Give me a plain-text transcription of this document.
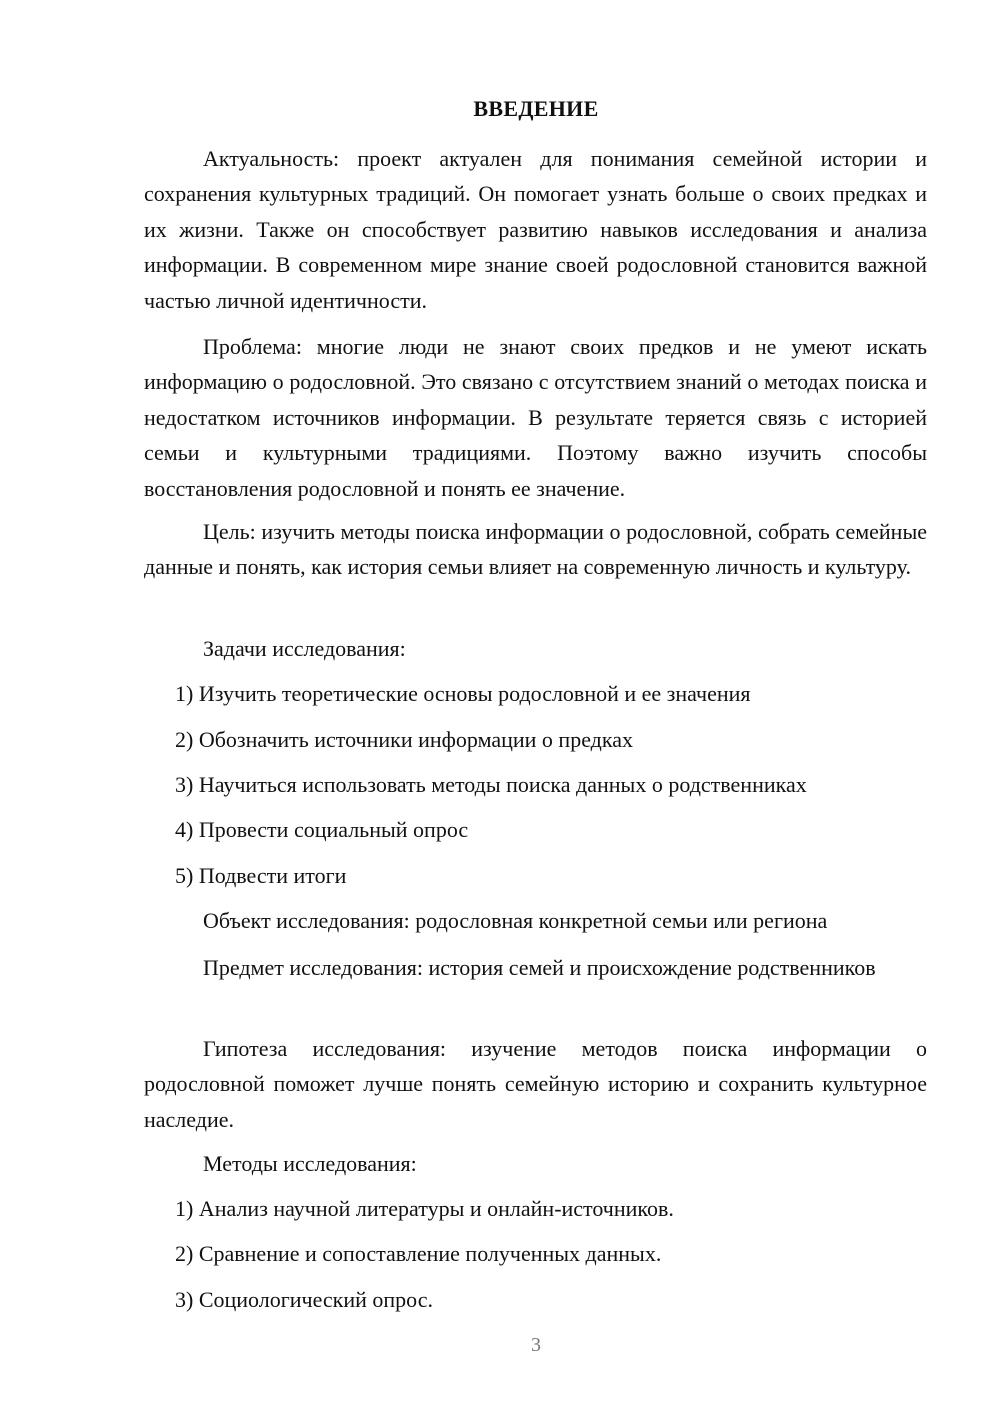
ВВЕДЕНИЕ

Актуальность: проект актуален для понимания семейной истории и сохранения культурных традиций. Он помогает узнать больше о своих предках и их жизни. Также он способствует развитию навыков исследования и анализа информации. В современном мире знание своей родословной становится важной частью личной идентичности.

Проблема: многие люди не знают своих предков и не умеют искать информацию о родословной. Это связано с отсутствием знаний о методах поиска и недостатком источников информации. В результате теряется связь с историей семьи и культурными традициями. Поэтому важно изучить способы восстановления родословной и понять ее значение.

Цель: изучить методы поиска информации о родословной, собрать семейные данные и понять, как история семьи влияет на современную личность и культуру.

Задачи исследования:
1) Изучить теоретические основы родословной и ее значения
2) Обозначить источники информации о предках
3) Научиться использовать методы поиска данных о родственниках
4) Провести социальный опрос
5) Подвести итоги
Объект исследования: родословная конкретной семьи или региона

Предмет исследования: история семей и происхождение родственников

Гипотеза исследования: изучение методов поиска информации о родословной поможет лучше понять семейную историю и сохранить культурное наследие.

Методы исследования:
1) Анализ научной литературы и онлайн-источников.
2) Сравнение и сопоставление полученных данных.
3) Социологический опрос.
3
